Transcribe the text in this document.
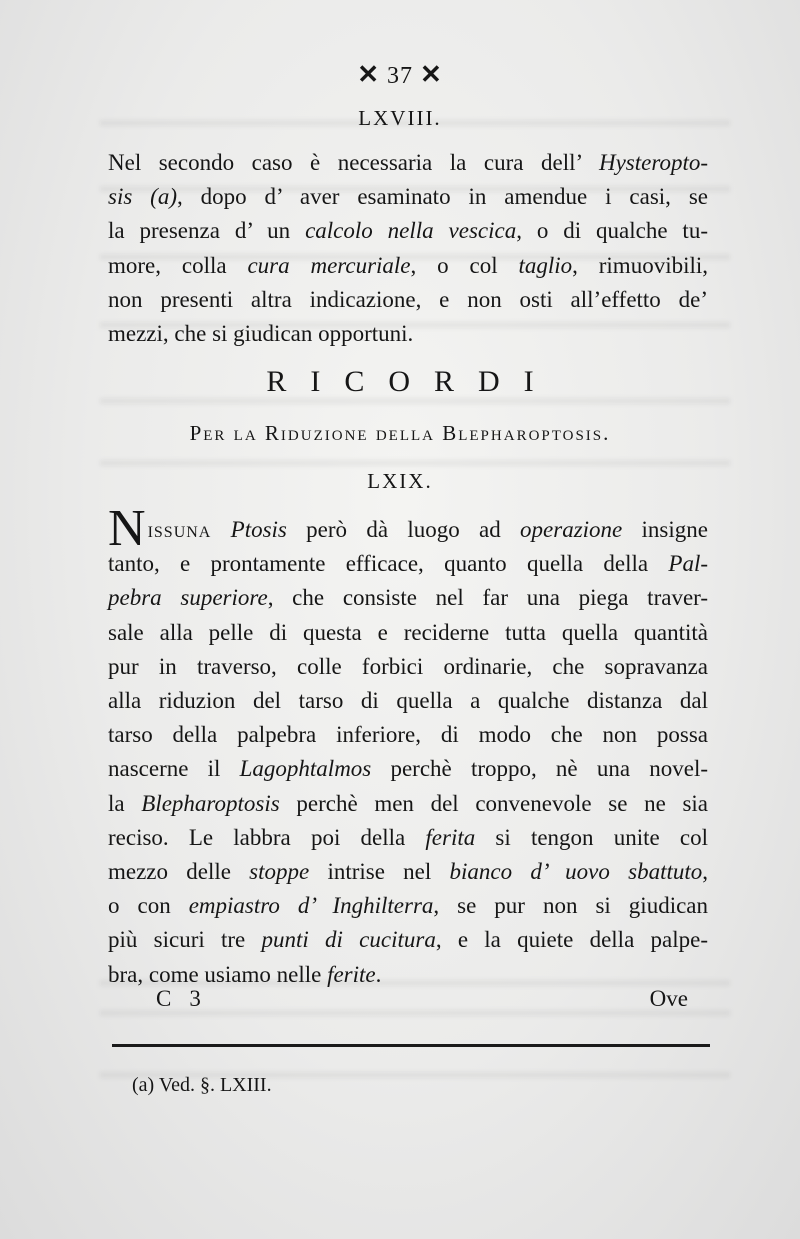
✕ 37 ✕
LXVIII.
Nel secondo caso è necessaria la cura dell’ Hysteropto-
sis (a), dopo d’ aver esaminato in amendue i casi, se
la presenza d’ un calcolo nella vescica, o di qualche tu-
more, colla cura mercuriale, o col taglio, rimuovibili,
non presenti altra indicazione, e non osti all’effetto de’
mezzi, che si giudican opportuni.
RICORDI
Per la Riduzione della Blepharoptosis.
LXIX.
Nissuna Ptosis però dà luogo ad operazione insigne
tanto, e prontamente efficace, quanto quella della Pal-
pebra superiore, che consiste nel far una piega traver-
sale alla pelle di questa e reciderne tutta quella quantità
pur in traverso, colle forbici ordinarie, che sopravanza
alla riduzion del tarso di quella a qualche distanza dal
tarso della palpebra inferiore, di modo che non possa
nascerne il Lagophtalmos perchè troppo, nè una novel-
la Blepharoptosis perchè men del convenevole se ne sia
reciso. Le labbra poi della ferita si tengon unite col
mezzo delle stoppe intrise nel bianco d’ uovo sbattuto,
o con empiastro d’ Inghilterra, se pur non si giudican
più sicuri tre punti di cucitura, e la quiete della palpe-
bra, come usiamo nelle ferite.
C 3	Ove
(a) Ved. §. LXIII.
